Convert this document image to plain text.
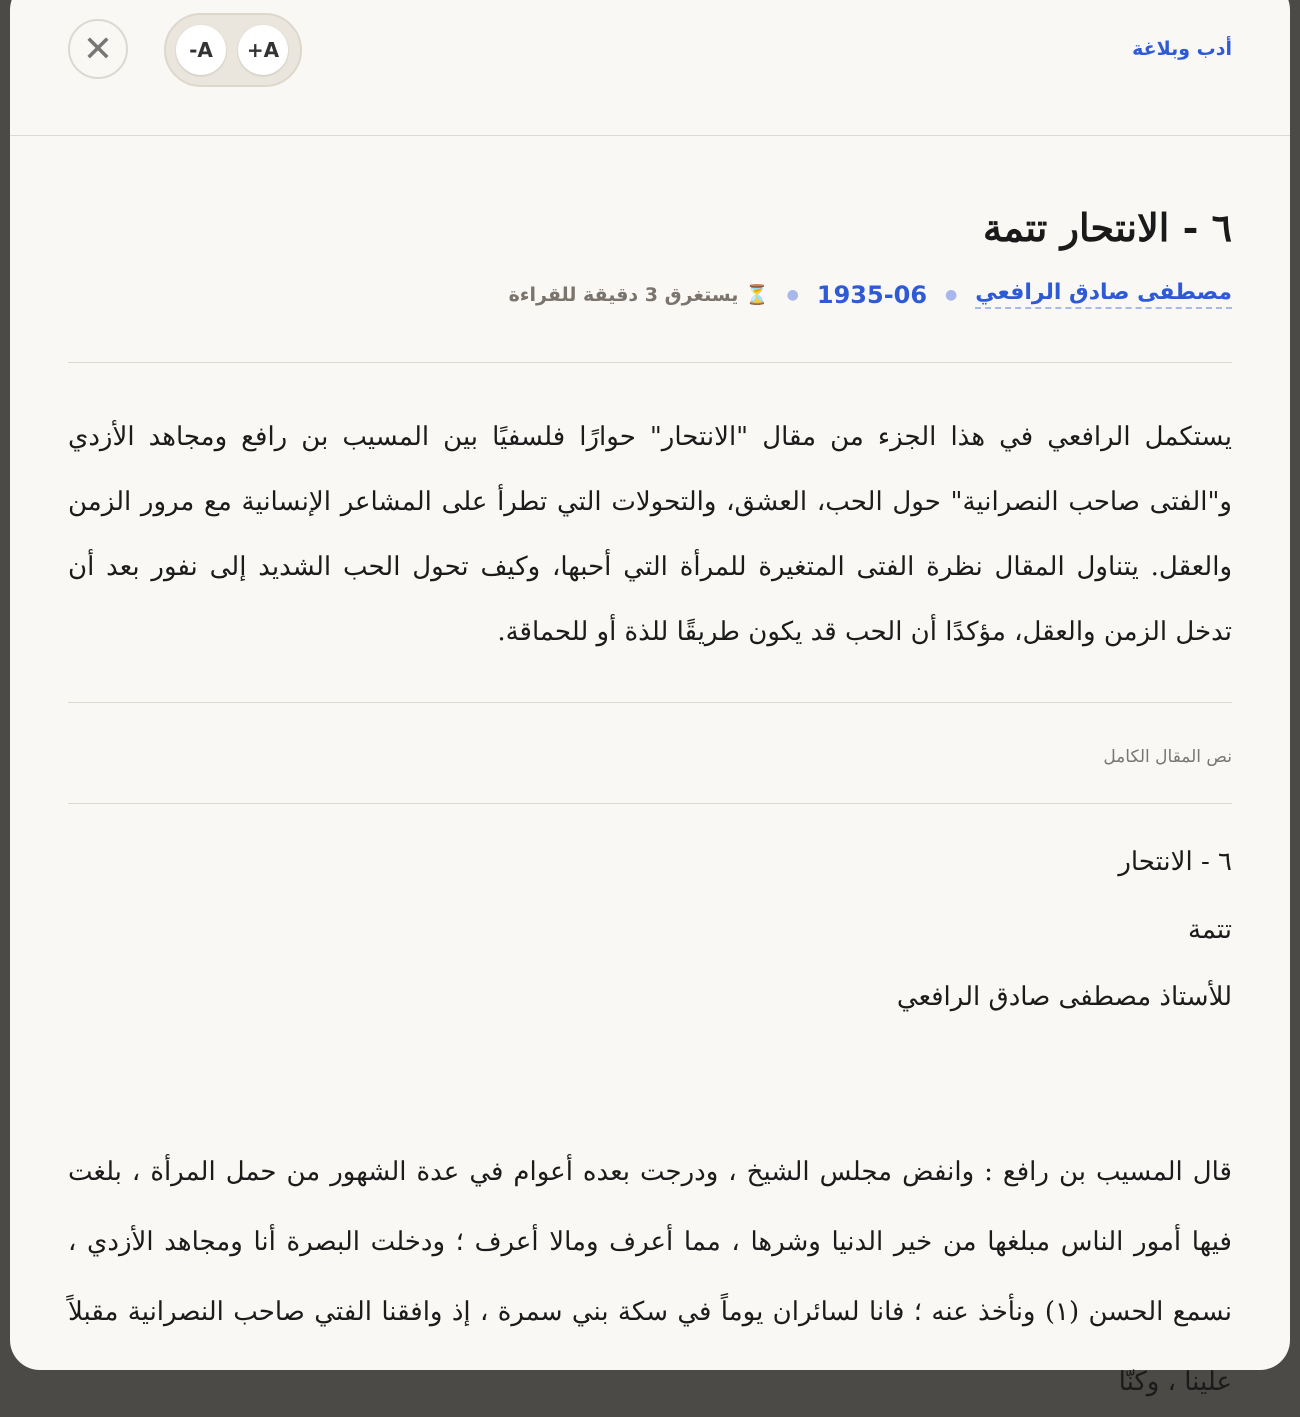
✕	-A	+A	أدب وبلاغة
٦ - الانتحار تتمة
مصطفى صادق الرافعي
●
1935-06
●
⏳ يستغرق 3 دقيقة للقراءة
يستكمل الرافعي في هذا الجزء من مقال "الانتحار" حوارًا فلسفيًا بين المسيب بن رافع ومجاهد الأزدي و"الفتى صاحب النصرانية" حول الحب، العشق، والتحولات التي تطرأ على المشاعر الإنسانية مع مرور الزمن والعقل. يتناول المقال نظرة الفتى المتغيرة للمرأة التي أحبها، وكيف تحول الحب الشديد إلى نفور بعد أن تدخل الزمن والعقل، مؤكدًا أن الحب قد يكون طريقًا للذة أو للحماقة.
نص المقال الكامل

٦ - الانتحار

تتمة

للأستاذ مصطفى صادق الرافعي

قال المسيب بن رافع : وانفض مجلس الشيخ ، ودرجت بعده أعوام في عدة الشهور من حمل المرأة ، بلغت فيها أمور الناس مبلغها من خير الدنيا وشرها ، مما أعرف ومالا أعرف ؛ ودخلت البصرة أنا ومجاهد الأزدي ، نسمع الحسن (١) ونأخذ عنه ؛ فانا لسائران يوماً في سكة بني سمرة ، إذ وافقنا الفتي صاحب النصرانية مقبلاً علينا ، وكنّا
